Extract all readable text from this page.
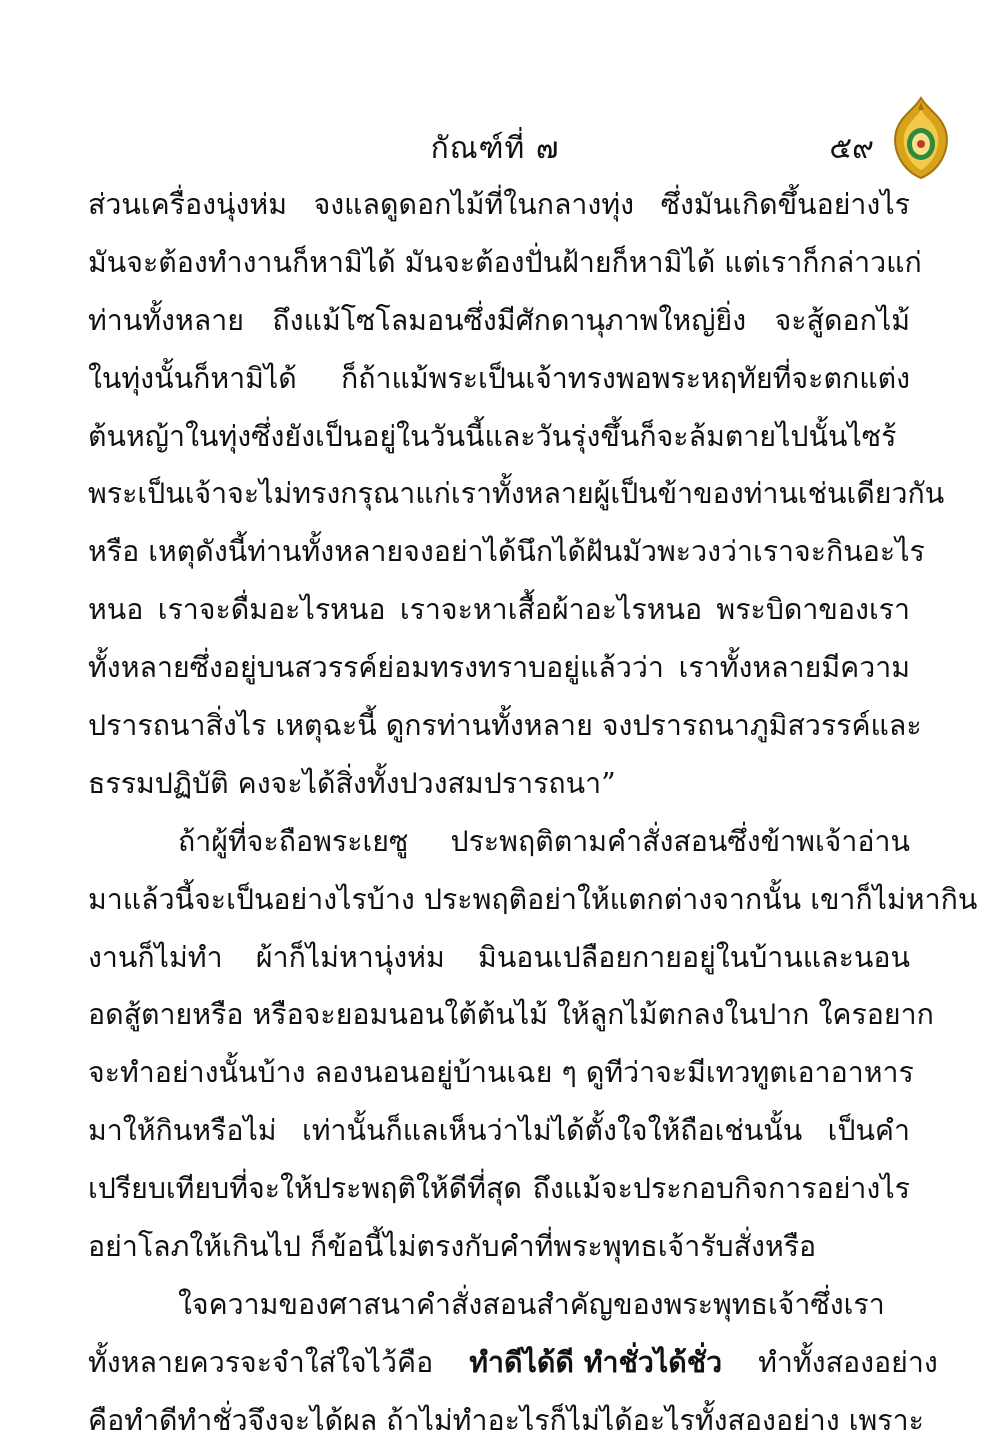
กัณฑ์ที่ ๗	๕๙
ส่วนเครื่องนุ่งห่ม จงแลดูดอกไม้ที่ในกลางทุ่ง ซึ่งมันเกิดขึ้นอย่างไร
มันจะต้องทำงานก็หามิได้ มันจะต้องปั่นฝ้ายก็หามิได้ แต่เราก็กล่าวแก่
ท่านทั้งหลาย ถึงแม้โซโลมอนซึ่งมีศักดานุภาพใหญ่ยิ่ง จะสู้ดอกไม้
ในทุ่งนั้นก็หามิได้ ก็ถ้าแม้พระเป็นเจ้าทรงพอพระหฤทัยที่จะตกแต่ง
ต้นหญ้าในทุ่งซึ่งยังเป็นอยู่ในวันนี้และวันรุ่งขึ้นก็จะล้มตายไปนั้นไซร้
พระเป็นเจ้าจะไม่ทรงกรุณาแก่เราทั้งหลายผู้เป็นข้าของท่านเช่นเดียวกัน
หรือ เหตุดังนี้ท่านทั้งหลายจงอย่าได้นึกได้ฝันมัวพะวงว่าเราจะกินอะไร
หนอ เราจะดื่มอะไรหนอ เราจะหาเสื้อผ้าอะไรหนอ พระบิดาของเรา
ทั้งหลายซึ่งอยู่บนสวรรค์ย่อมทรงทราบอยู่แล้วว่า เราทั้งหลายมีความ
ปรารถนาสิ่งไร เหตุฉะนี้ ดูกรท่านทั้งหลาย จงปรารถนาภูมิสวรรค์และ
ธรรมปฏิบัติ คงจะได้สิ่งทั้งปวงสมปรารถนา”
ถ้าผู้ที่จะถือพระเยซู ประพฤติตามคำสั่งสอนซึ่งข้าพเจ้าอ่าน
มาแล้วนี้จะเป็นอย่างไรบ้าง ประพฤติอย่าให้แตกต่างจากนั้น เขาก็ไม่หากิน
งานก็ไม่ทำ ผ้าก็ไม่หานุ่งห่ม มินอนเปลือยกายอยู่ในบ้านและนอน
อดสู้ตายหรือ หรือจะยอมนอนใต้ต้นไม้ ให้ลูกไม้ตกลงในปาก ใครอยาก
จะทำอย่างนั้นบ้าง ลองนอนอยู่บ้านเฉย ๆ ดูทีว่าจะมีเทวทูตเอาอาหาร
มาให้กินหรือไม่ เท่านั้นก็แลเห็นว่าไม่ได้ตั้งใจให้ถือเช่นนั้น เป็นคำ
เปรียบเทียบที่จะให้ประพฤติให้ดีที่สุด ถึงแม้จะประกอบกิจการอย่างไร
อย่าโลภให้เกินไป ก็ข้อนี้ไม่ตรงกับคำที่พระพุทธเจ้ารับสั่งหรือ
ใจความของศาสนาคำสั่งสอนสำคัญของพระพุทธเจ้าซึ่งเรา
ทั้งหลายควรจะจำใส่ใจไว้คือ ทำดีได้ดี ทำชั่วได้ชั่ว ทำทั้งสองอย่าง
คือทำดีทำชั่วจึงจะได้ผล ถ้าไม่ทำอะไรก็ไม่ได้อะไรทั้งสองอย่าง เพราะ
